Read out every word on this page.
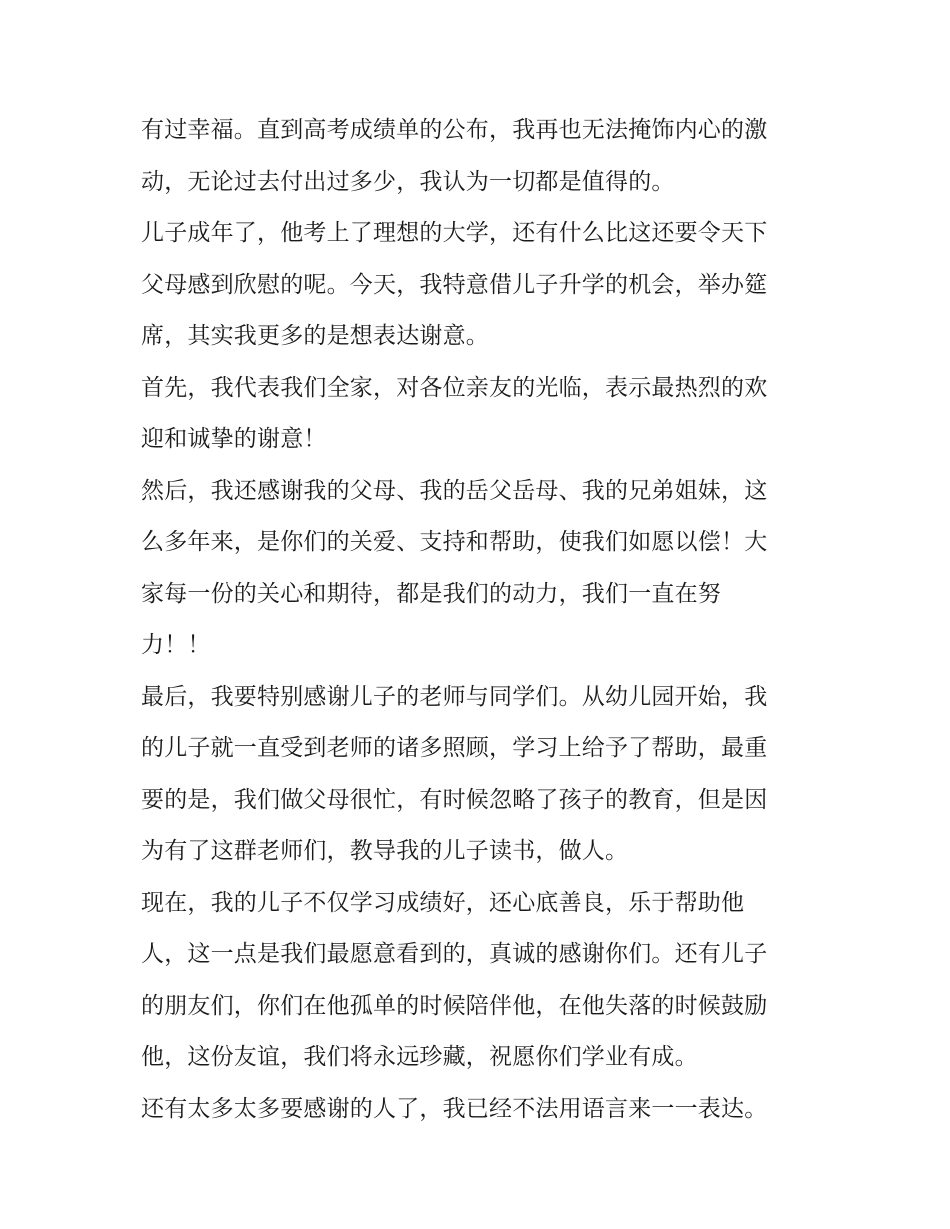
有过幸福。直到高考成绩单的公布，我再也无法掩饰内心的激
动，无论过去付出过多少，我认为一切都是值得的。
儿子成年了，他考上了理想的大学，还有什么比这还要令天下
父母感到欣慰的呢。今天，我特意借儿子升学的机会，举办筵
席，其实我更多的是想表达谢意。
首先，我代表我们全家，对各位亲友的光临，表示最热烈的欢
迎和诚挚的谢意！
然后，我还感谢我的父母、我的岳父岳母、我的兄弟姐妹，这
么多年来，是你们的关爱、支持和帮助，使我们如愿以偿！大
家每一份的关心和期待，都是我们的动力，我们一直在努
力！！
最后，我要特别感谢儿子的老师与同学们。从幼儿园开始，我
的儿子就一直受到老师的诸多照顾，学习上给予了帮助，最重
要的是，我们做父母很忙，有时候忽略了孩子的教育，但是因
为有了这群老师们，教导我的儿子读书，做人。
现在，我的儿子不仅学习成绩好，还心底善良，乐于帮助他
人，这一点是我们最愿意看到的，真诚的感谢你们。还有儿子
的朋友们，你们在他孤单的时候陪伴他，在他失落的时候鼓励
他，这份友谊，我们将永远珍藏，祝愿你们学业有成。
还有太多太多要感谢的人了，我已经不法用语言来一一表达。
